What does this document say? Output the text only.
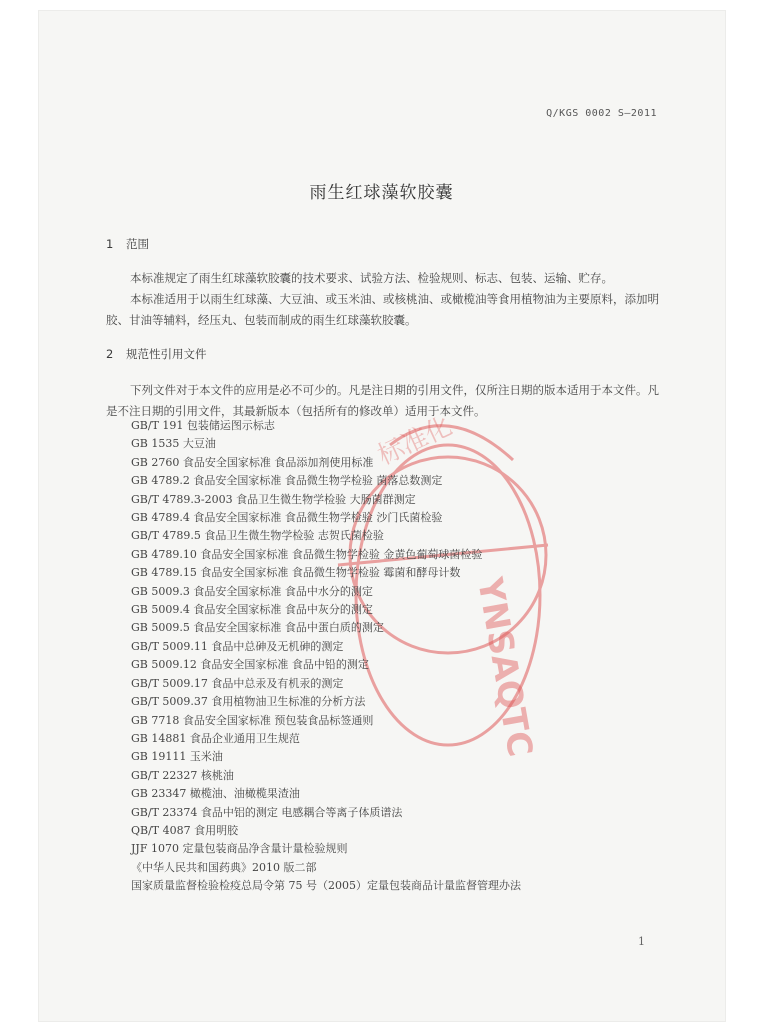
YNSAQTC
标准化
Q/KGS 0002 S—2011
雨生红球藻软胶囊
1 范围

本标准规定了雨生红球藻软胶囊的技术要求、试验方法、检验规则、标志、包装、运输、贮存。

本标准适用于以雨生红球藻、大豆油、或玉米油、或核桃油、或橄榄油等食用植物油为主要原料，添加明胶、甘油等辅料，经压丸、包装而制成的雨生红球藻软胶囊。

2 规范性引用文件

下列文件对于本文件的应用是必不可少的。凡是注日期的引用文件，仅所注日期的版本适用于本文件。凡是不注日期的引用文件，其最新版本（包括所有的修改单）适用于本文件。

GB/T 191 包装储运图示标志
GB 1535 大豆油
GB 2760 食品安全国家标准 食品添加剂使用标准
GB 4789.2 食品安全国家标准 食品微生物学检验 菌落总数测定
GB/T 4789.3-2003 食品卫生微生物学检验 大肠菌群测定
GB 4789.4 食品安全国家标准 食品微生物学检验 沙门氏菌检验
GB/T 4789.5 食品卫生微生物学检验 志贺氏菌检验
GB 4789.10 食品安全国家标准 食品微生物学检验 金黄色葡萄球菌检验
GB 4789.15 食品安全国家标准 食品微生物学检验 霉菌和酵母计数
GB 5009.3 食品安全国家标准 食品中水分的测定
GB 5009.4 食品安全国家标准 食品中灰分的测定
GB 5009.5 食品安全国家标准 食品中蛋白质的测定
GB/T 5009.11 食品中总砷及无机砷的测定
GB 5009.12 食品安全国家标准 食品中铅的测定
GB/T 5009.17 食品中总汞及有机汞的测定
GB/T 5009.37 食用植物油卫生标准的分析方法
GB 7718 食品安全国家标准 预包装食品标签通则
GB 14881 食品企业通用卫生规范
GB 19111 玉米油
GB/T 22327 核桃油
GB 23347 橄榄油、油橄榄果渣油
GB/T 23374 食品中铝的测定 电感耦合等离子体质谱法
QB/T 4087 食用明胶
JJF 1070 定量包装商品净含量计量检验规则
《中华人民共和国药典》2010 版二部
国家质量监督检验检疫总局令第 75 号（2005）定量包装商品计量监督管理办法
1
